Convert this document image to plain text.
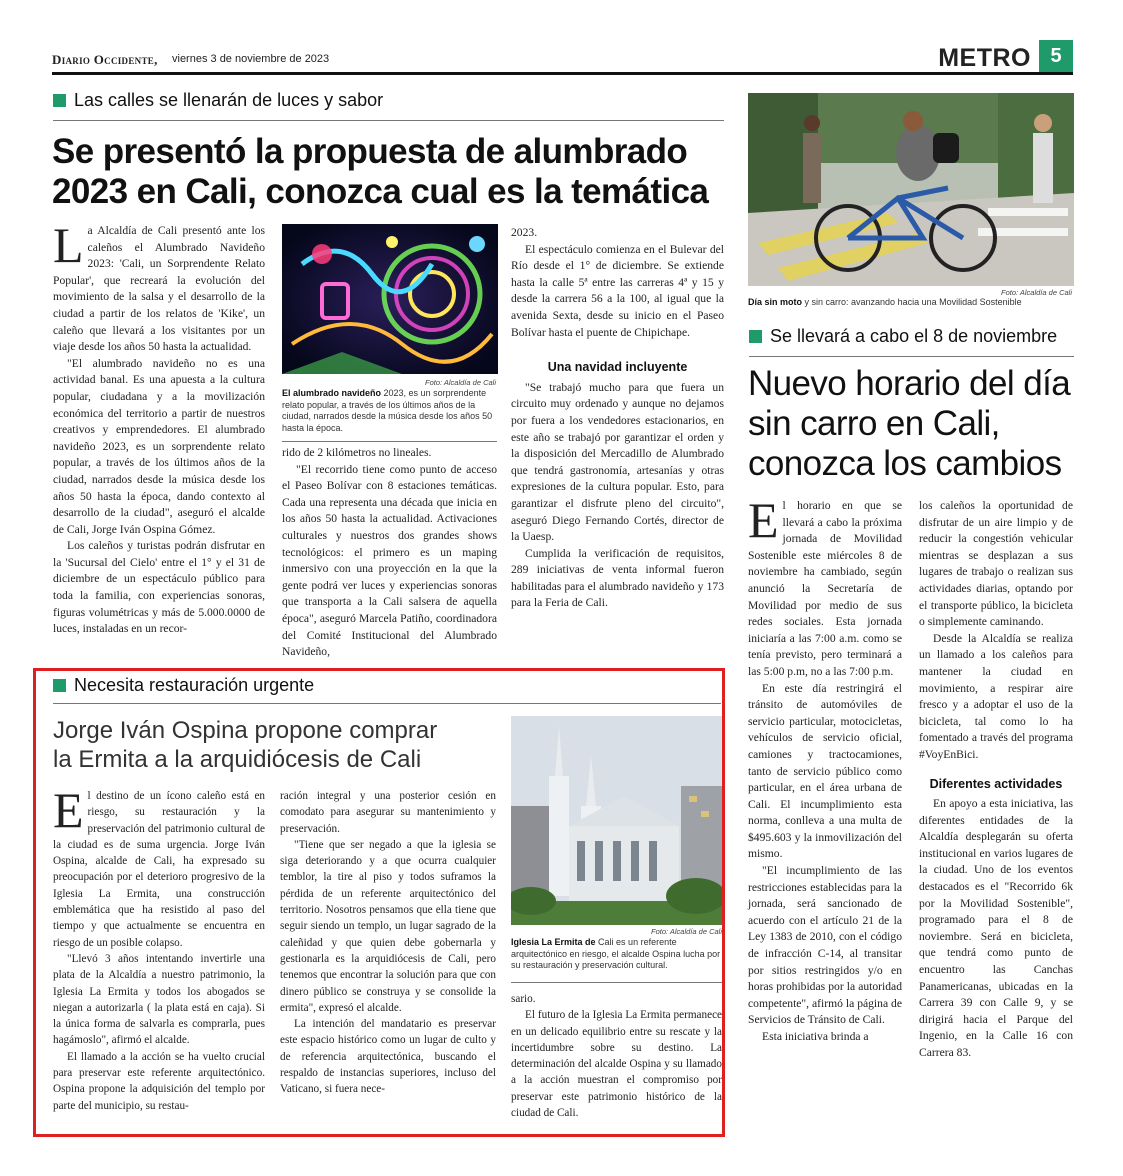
Diario Occidente, viernes 3 de noviembre de 2023	METRO 5
Las calles se llenarán de luces y sabor
Se presentó la propuesta de alumbrado
2023 en Cali, conozca cual es la temática

La Alcaldía de Cali presentó ante los caleños el Alumbrado Navideño 2023: 'Cali, un Sorprendente Relato Popular', que recreará la evolución del movimiento de la salsa y el desarrollo de la ciudad a partir de los relatos de 'Kike', un caleño que llevará a los visitantes por un viaje desde los años 50 hasta la actualidad.

"El alumbrado navideño no es una actividad banal. Es una apuesta a la cultura popular, ciudadana y a la movilización económica del territorio a partir de nuestros creativos y emprendedores. El alumbrado navideño 2023, es un sorprendente relato popular, a través de los últimos años de la ciudad, narrados desde la música desde los años 50 hasta la época, dando contexto al desarrollo de la ciudad", aseguró el alcalde de Cali, Jorge Iván Ospina Gómez.

Los caleños y turistas podrán disfrutar en la 'Sucursal del Cielo' entre el 1° y el 31 de diciembre de un espectáculo público para toda la familia, con experiencias sonoras, figuras volumétricas y más de 5.000.0000 de luces, instaladas en un recor-

Foto: Alcaldía de Cali
El alumbrado navideño 2023, es un sorprendente relato popular, a través de los últimos años de la ciudad, narrados desde la música desde los años 50 hasta la época.

rido de 2 kilómetros no lineales.

"El recorrido tiene como punto de acceso el Paseo Bolívar con 8 estaciones temáticas. Cada una representa una década que inicia en los años 50 hasta la actualidad. Activaciones culturales y nuestros dos grandes shows tecnológicos: el primero es un maping inmersivo con una proyección en la que la gente podrá ver luces y experiencias sonoras que transporta a la Cali salsera de aquella época", aseguró Marcela Patiño, coordinadora del Comité Institucional del Alumbrado Navideño,

2023.

El espectáculo comienza en el Bulevar del Río desde el 1° de diciembre. Se extiende hasta la calle 5ª entre las carreras 4ª y 15 y desde la carrera 56 a la 100, al igual que la avenida Sexta, desde su inicio en el Paseo Bolívar hasta el puente de Chipichape.

Una navidad incluyente

"Se trabajó mucho para que fuera un circuito muy ordenado y aunque no dejamos por fuera a los vendedores estacionarios, en este año se trabajó por garantizar el orden y la disposición del Mercadillo de Alumbrado que tendrá gastronomía, artesanías y otras expresiones de la cultura popular. Esto, para garantizar el disfrute pleno del circuito", aseguró Diego Fernando Cortés, director de la Uaesp.

Cumplida la verificación de requisitos, 289 iniciativas de venta informal fueron habilitadas para el alumbrado navideño y 173 para la Feria de Cali.

Foto: Alcaldía de Cali
Día sin moto y sin carro: avanzando hacia una Movilidad Sostenible
Se llevará a cabo el 8 de noviembre
Nuevo horario del día
sin carro en Cali,
conozca los cambios

El horario en que se llevará a cabo la próxima jornada de Movilidad Sostenible este miércoles 8 de noviembre ha cambiado, según anunció la Secretaría de Movilidad por medio de sus redes sociales. Esta jornada iniciaría a las 7:00 a.m. como se tenía previsto, pero terminará a las 5:00 p.m, no a las 7:00 p.m.

En este día restringirá el tránsito de automóviles de servicio particular, motocicletas, vehículos de servicio oficial, camiones y tractocamiones, tanto de servicio público como particular, en el área urbana de Cali. El incumplimiento esta norma, conlleva a una multa de $495.603 y la inmovilización del mismo.

"El incumplimiento de las restricciones establecidas para la jornada, será sancionado de acuerdo con el artículo 21 de la Ley 1383 de 2010, con el código de infracción C-14, al transitar por sitios restringidos y/o en horas prohibidas por la autoridad competente", afirmó la página de Servicios de Tránsito de Cali.

Esta iniciativa brinda a

los caleños la oportunidad de disfrutar de un aire limpio y de reducir la congestión vehicular mientras se desplazan a sus lugares de trabajo o realizan sus actividades diarias, optando por el transporte público, la bicicleta o simplemente caminando.

Desde la Alcaldía se realiza un llamado a los caleños para mantener la ciudad en movimiento, a respirar aire fresco y a adoptar el uso de la bicicleta, tal como lo ha fomentado a través del programa #VoyEnBici.

Diferentes actividades

En apoyo a esta iniciativa, las diferentes entidades de la Alcaldía desplegarán su oferta institucional en varios lugares de la ciudad. Uno de los eventos destacados es el "Recorrido 6k por la Movilidad Sostenible", programado para el 8 de noviembre. Será en bicicleta, que tendrá como punto de encuentro las Canchas Panamericanas, ubicadas en la Carrera 39 con Calle 9, y se dirigirá hacia el Parque del Ingenio, en la Calle 16 con Carrera 83.

Necesita restauración urgente
Jorge Iván Ospina propone comprar
la Ermita a la arquidiócesis de Cali

El destino de un ícono caleño está en riesgo, su restauración y la preservación del patrimonio cultural de la ciudad es de suma urgencia. Jorge Iván Ospina, alcalde de Cali, ha expresado su preocupación por el deterioro progresivo de la Iglesia La Ermita, una construcción emblemática que ha resistido al paso del tiempo y que actualmente se encuentra en riesgo de un posible colapso.

"Llevó 3 años intentando invertirle una plata de la Alcaldía a nuestro patrimonio, la Iglesia La Ermita y todos los abogados se niegan a autorizarla ( la plata está en caja). Si la única forma de salvarla es comprarla, pues hagámoslo", afirmó el alcalde.

El llamado a la acción se ha vuelto crucial para preservar este referente arquitectónico. Ospina propone la adquisición del templo por parte del municipio, su restau-

ración integral y una posterior cesión en comodato para asegurar su mantenimiento y preservación.

"Tiene que ser negado a que la iglesia se siga deteriorando y a que ocurra cualquier temblor, la tire al piso y todos suframos la pérdida de un referente arquitectónico del territorio. Nosotros pensamos que ella tiene que seguir siendo un templo, un lugar sagrado de la caleñidad y que quien debe gobernarla y gestionarla es la arquidiócesis de Cali, pero tenemos que encontrar la solución para que con dinero público se construya y se consolide la ermita", expresó el alcalde.

La intención del mandatario es preservar este espacio histórico como un lugar de culto y de referencia arquitectónica, buscando el respaldo de instancias superiores, incluso del Vaticano, si fuera nece-

Foto: Alcaldía de Cali
Iglesia La Ermita de Cali es un referente arquitectónico en riesgo, el alcalde Ospina lucha por su restauración y preservación cultural.

sario.

El futuro de la Iglesia La Ermita permanece en un delicado equilibrio entre su rescate y la incertidumbre sobre su destino. La determinación del alcalde Ospina y su llamado a la acción muestran el compromiso por preservar este patrimonio histórico de la ciudad de Cali.
